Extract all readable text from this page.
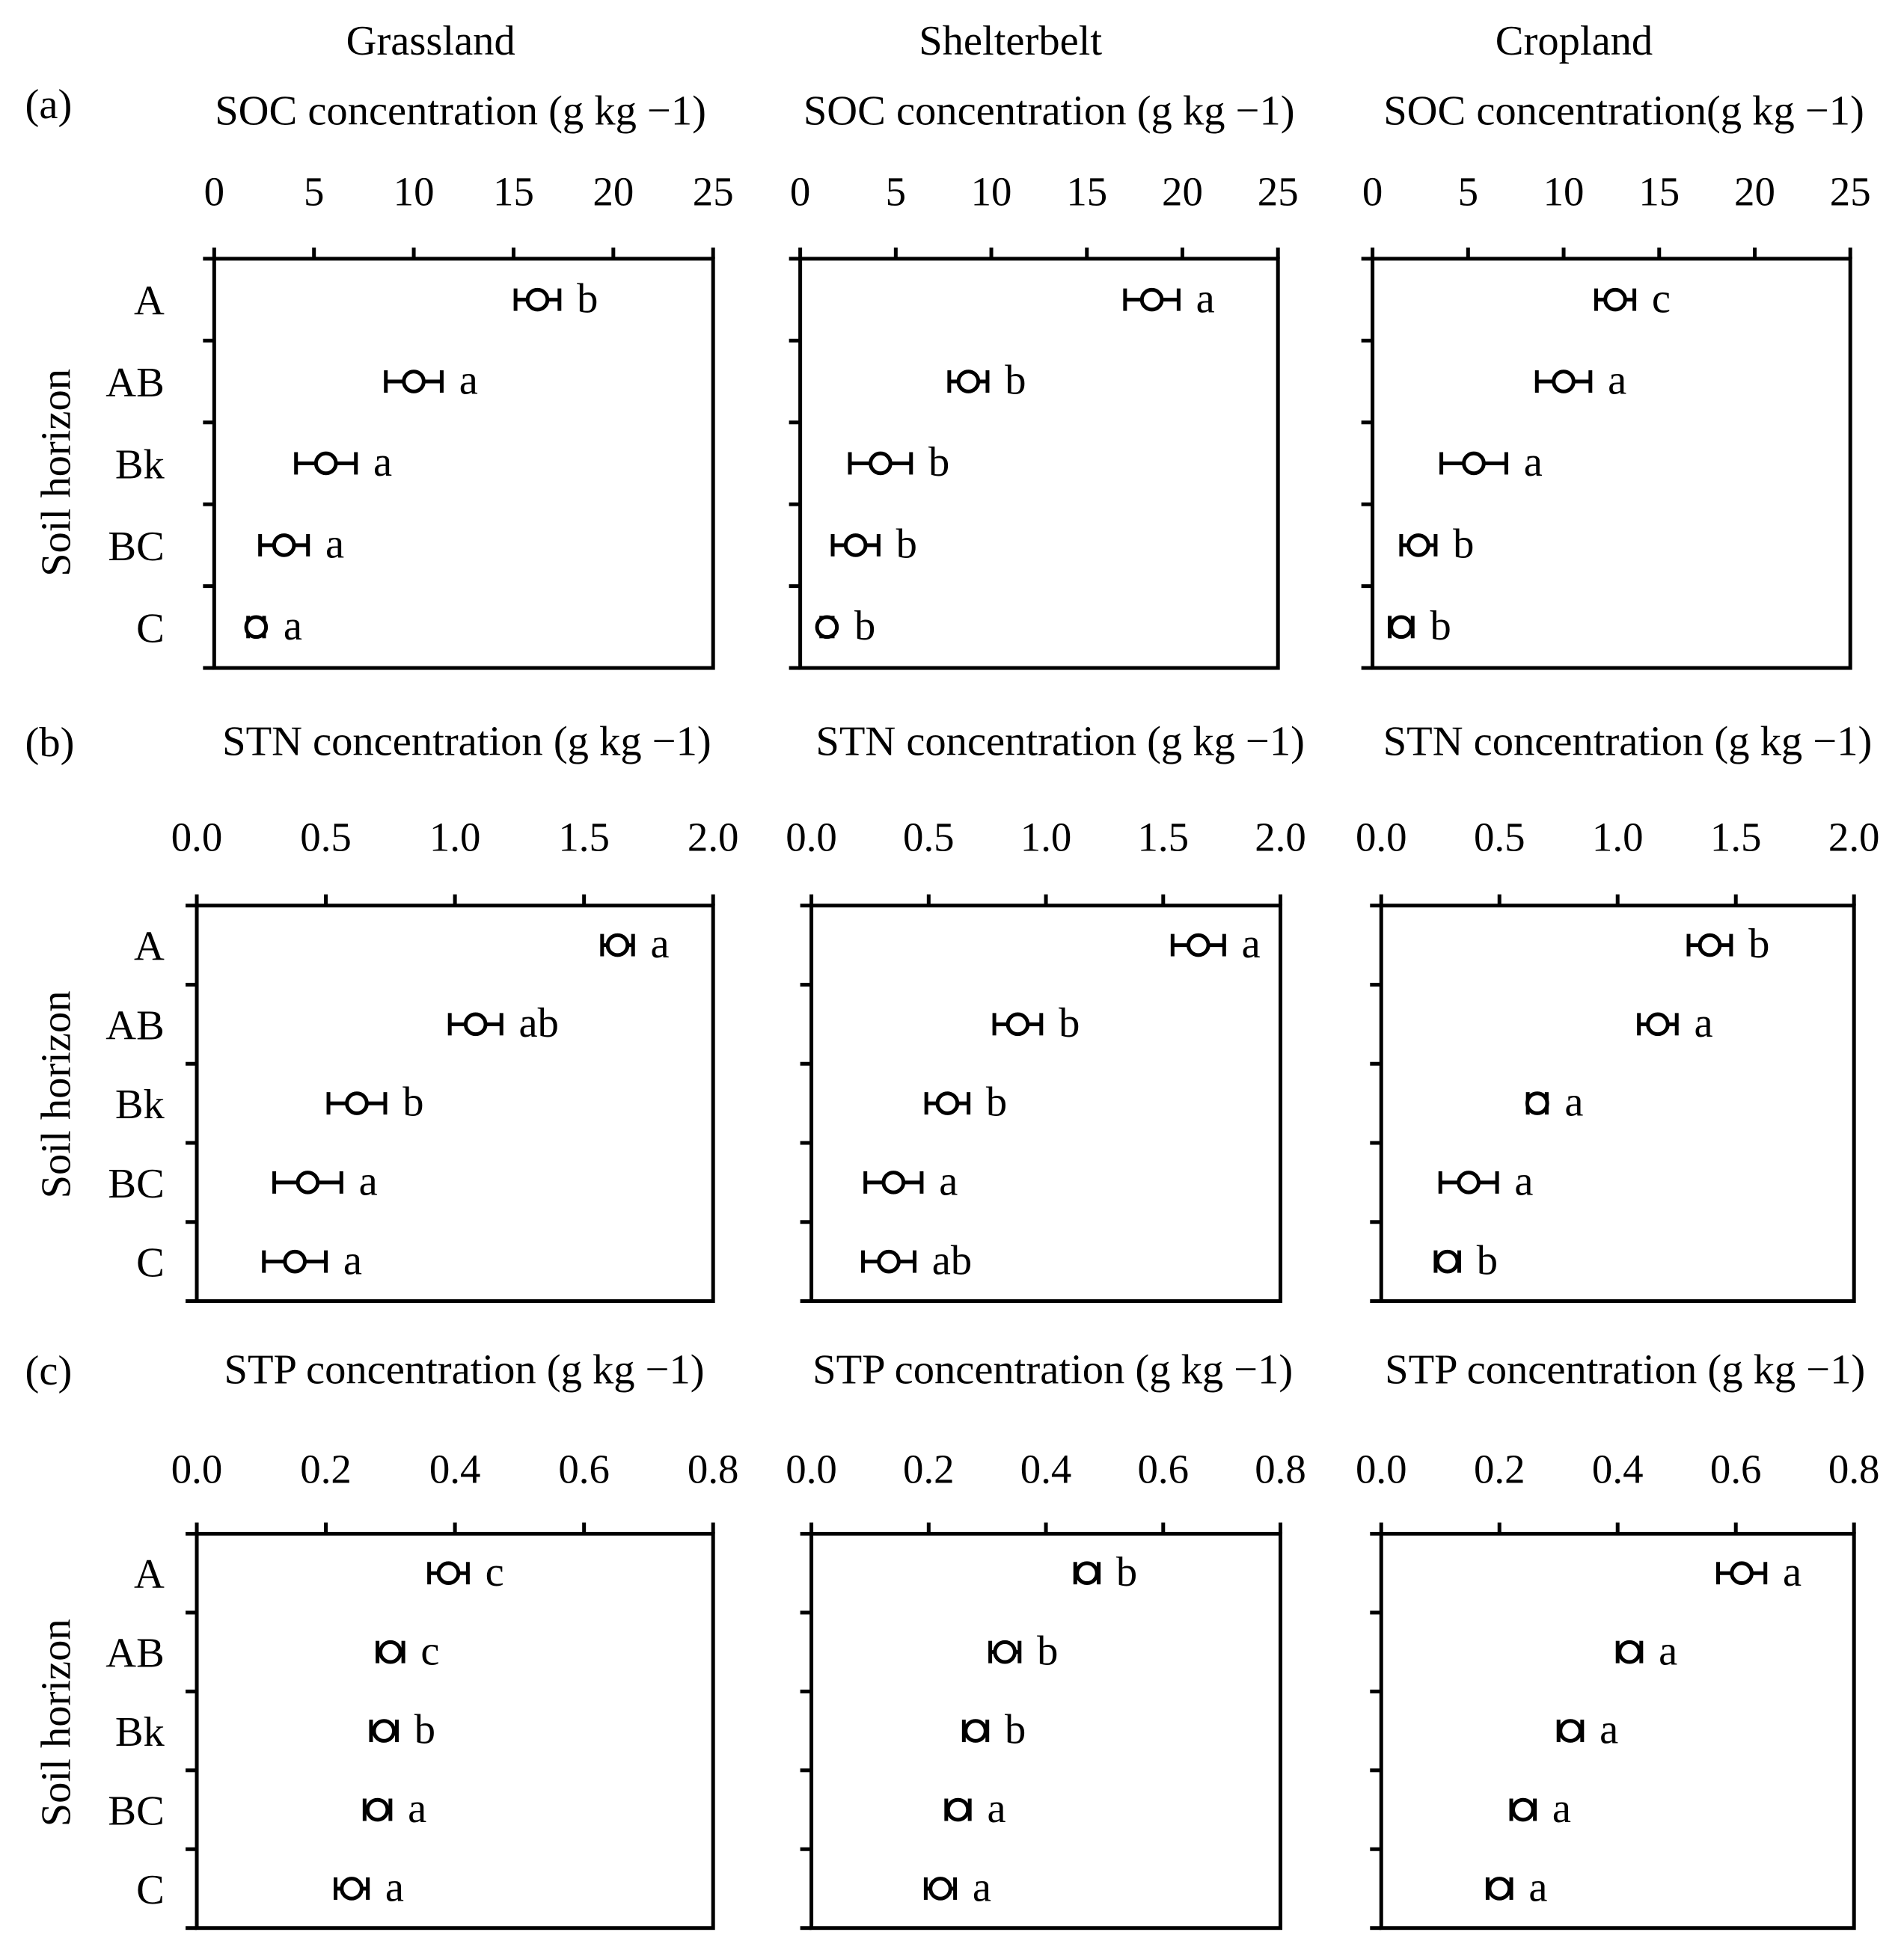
Grassland	Shelterbelt	Cropland
(a)
Soil horizon
SOC concentration (g kg −1)
0	5	10 15 20 25
A	b
AB	a
Bk	a
BC	a
C	a
SOC concentration (g kg −1)
0	5	10 15 20 25
a
b
b
b
b
SOC concentration(g kg −1)
0	5	10 15 20 25
c
a
a
b
b
(b)
Soil horizon
STN concentration (g kg −1)
0.0	0.5	1.0	1.5	2.0
A	a
AB	ab
Bk	b
BC	a
C	a
STN concentration (g kg −1)
0.0	0.5	1.0	1.5	2.0
a
b
b
a
ab
STN concentration (g kg −1)
0.0	0.5	1.0	1.5	2.0
b
a
a
a
b
(c)
Soil horizon
STP concentration (g kg −1)
0.0	0.2	0.4	0.6	0.8
A	c
AB	c
Bk	b
BC	a
C	a
STP concentration (g kg −1)
0.0	0.2	0.4	0.6	0.8
b
b
b
a
a
STP concentration (g kg −1)
0.0	0.2	0.4	0.6	0.8
a
a
a
a
a
